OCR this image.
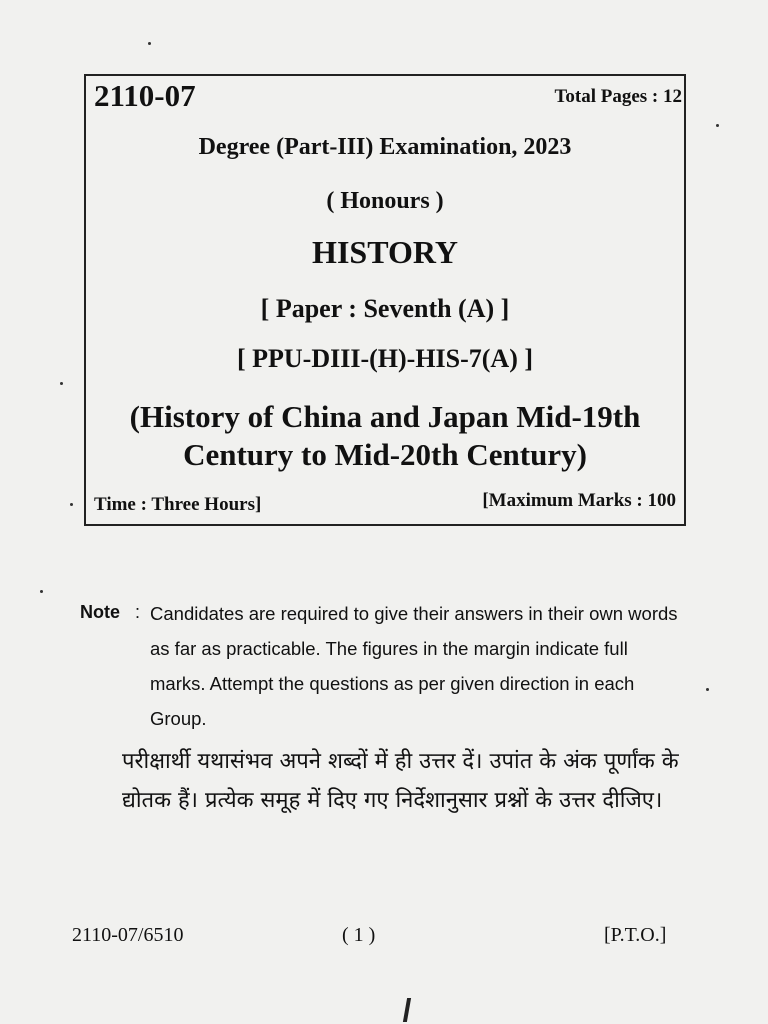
2110-07	Total Pages : 12
Degree (Part-III) Examination, 2023
( Honours )
HISTORY
[ Paper : Seventh (A) ]
[ PPU-DIII-(H)-HIS-7(A) ]
(History of China and Japan Mid-19th
Century to Mid-20th Century)
Time : Three Hours]	[Maximum Marks : 100
Note : Candidates are required to give their answers in their own words as far as practicable. The figures in the margin indicate full marks. Attempt the questions as per given direction in each Group.
परीक्षार्थी यथासंभव अपने शब्दों में ही उत्तर दें। उपांत के अंक पूर्णांक के द्योतक हैं। प्रत्येक समूह में दिए गए निर्देशानुसार प्रश्नों के उत्तर दीजिए।
2110-07/6510	( 1 )	[P.T.O.]
